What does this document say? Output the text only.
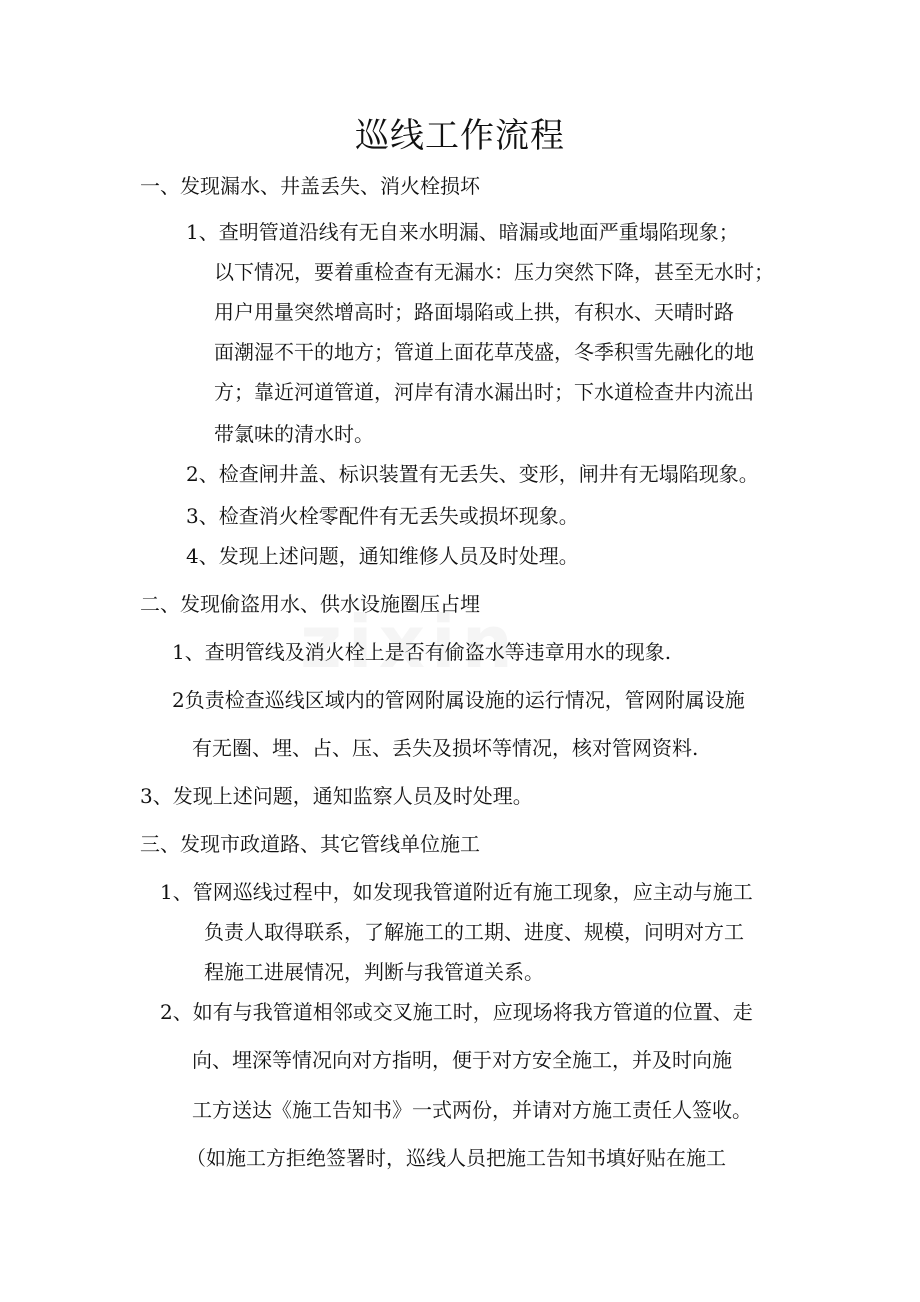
巡线工作流程
一、发现漏水、井盖丢失、消火栓损坏
1、查明管道沿线有无自来水明漏、暗漏或地面严重塌陷现象；
以下情况，要着重检查有无漏水：压力突然下降，甚至无水时；
用户用量突然增高时；路面塌陷或上拱，有积水、天晴时路
面潮湿不干的地方；管道上面花草茂盛，冬季积雪先融化的地
方；靠近河道管道，河岸有清水漏出时；下水道检查井内流出
带氯味的清水时。
2、检查闸井盖、标识装置有无丢失、变形，闸井有无塌陷现象。
3、检查消火栓零配件有无丢失或损坏现象。
4、发现上述问题，通知维修人员及时处理。
二、发现偷盗用水、供水设施圈压占埋
1、查明管线及消火栓上是否有偷盗水等违章用水的现象.
2负责检查巡线区域内的管网附属设施的运行情况，管网附属设施
有无圈、埋、占、压、丢失及损坏等情况，核对管网资料.
3、发现上述问题，通知监察人员及时处理。
三、发现市政道路、其它管线单位施工
1、管网巡线过程中，如发现我管道附近有施工现象，应主动与施工
负责人取得联系，了解施工的工期、进度、规模，问明对方工
程施工进展情况，判断与我管道关系。
2、如有与我管道相邻或交叉施工时，应现场将我方管道的位置、走
向、埋深等情况向对方指明，便于对方安全施工，并及时向施
工方送达《施工告知书》一式两份，并请对方施工责任人签收。
（如施工方拒绝签署时，巡线人员把施工告知书填好贴在施工
